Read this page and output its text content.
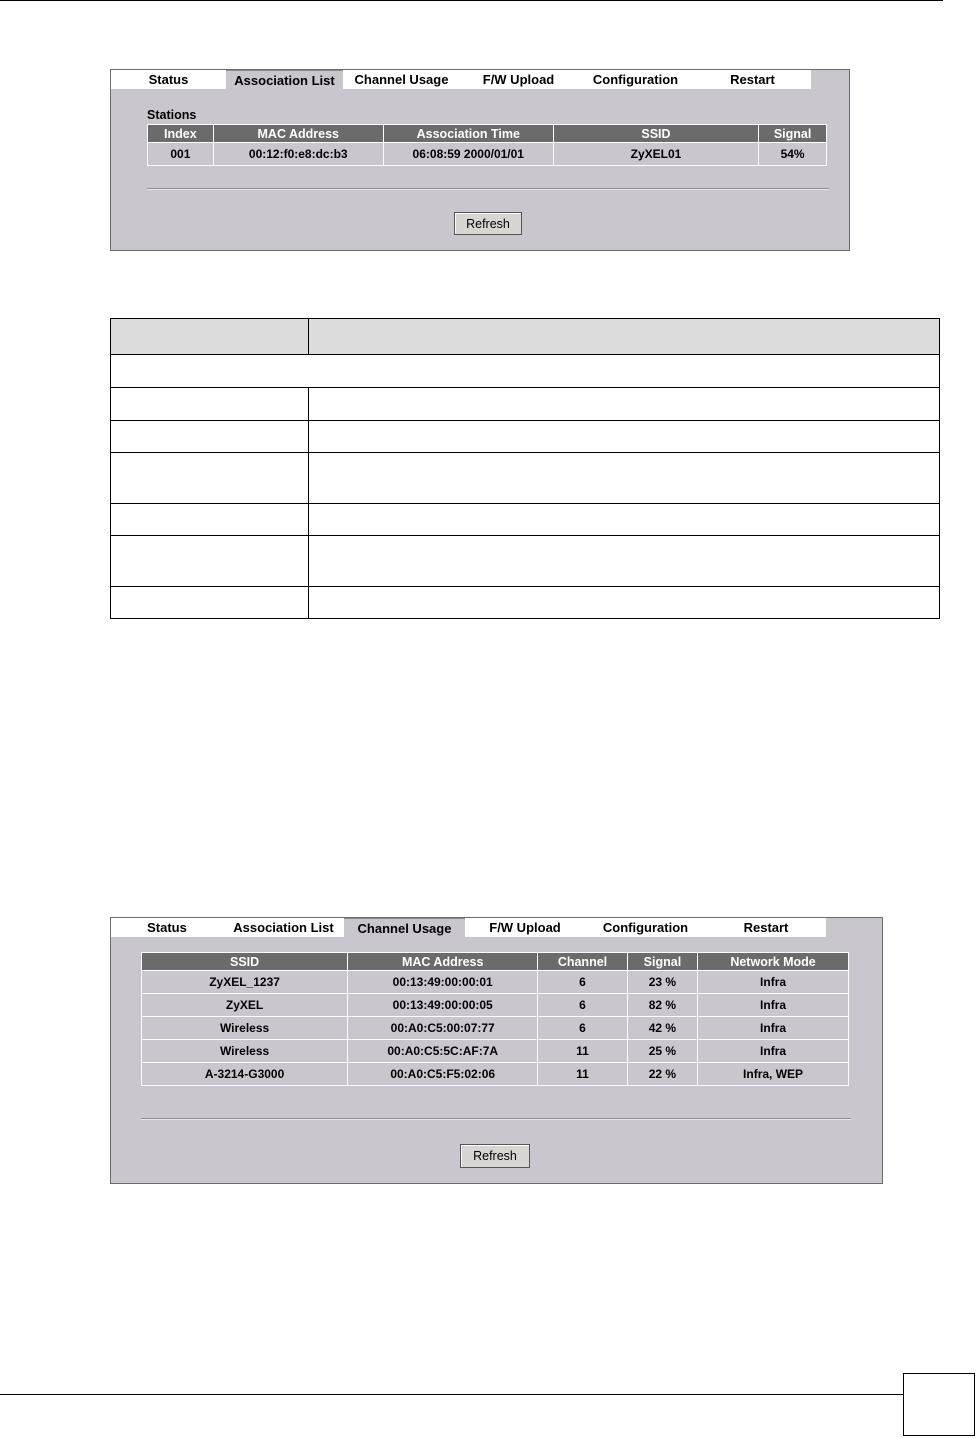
Status	Association List	Channel Usage	F/W Upload	Configuration	Restart
Stations
Index	MAC Address	Association Time	SSID	Signal
001	00:12:f0:e8:dc:b3	06:08:59 2000/01/01	ZyXEL01	54%
Refresh

Status	Association List	Channel Usage	F/W Upload	Configuration	Restart
SSID	MAC Address	Channel	Signal	Network Mode
ZyXEL_1237	00:13:49:00:00:01	6	23 %	Infra
ZyXEL	00:13:49:00:00:05	6	82 %	Infra
Wireless	00:A0:C5:00:07:77	6	42 %	Infra
Wireless	00:A0:C5:5C:AF:7A	11	25 %	Infra
A-3214-G3000	00:A0:C5:F5:02:06	11	22 %	Infra, WEP
Refresh
